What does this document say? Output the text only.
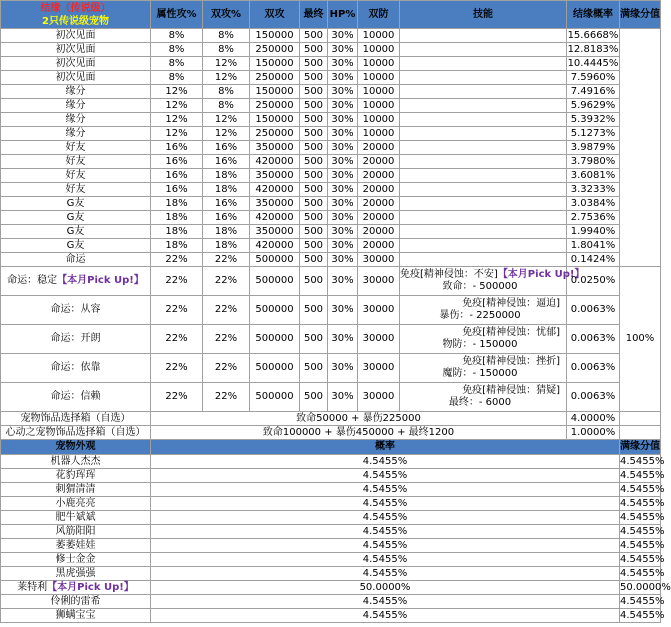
结缘（传说级）
2只传说级宠物	属性攻%	双攻%	双攻	最终	HP%	双防	技能	结缘概率	满缘分值
初次见面	8%	8%	150000	500	30%	10000		15.6668%	
初次见面	8%	8%	250000	500	30%	10000		12.8183%	
初次见面	8%	12%	150000	500	30%	10000		10.4445%	
初次见面	8%	12%	250000	500	30%	10000		7.5960%	
缘分	12%	8%	150000	500	30%	10000		7.4916%	
缘分	12%	8%	250000	500	30%	10000		5.9629%	
缘分	12%	12%	150000	500	30%	10000		5.3932%	
缘分	12%	12%	250000	500	30%	10000		5.1273%	
好友	16%	16%	350000	500	30%	20000		3.9879%	
好友	16%	16%	420000	500	30%	20000		3.7980%	
好友	16%	18%	350000	500	30%	20000		3.6081%	
好友	16%	18%	420000	500	30%	20000		3.3233%	
G友	18%	16%	350000	500	30%	20000		3.0384%	
G友	18%	16%	420000	500	30%	20000		2.7536%	
G友	18%	18%	350000	500	30%	20000		1.9940%	
G友	18%	18%	420000	500	30%	20000		1.8041%	
命运	22%	22%	500000	500	30%	30000		0.1424%	
命运：稳定【本月Pick Up!】	22%	22%	500000	500	30%	30000	免疫[精神侵蚀：不安]【本月Pick Up!】
致命：- 500000	0.0250%	100%
命运：从容	22%	22%	500000	500	30%	30000	免疫[精神侵蚀：逼迫]
暴伤：- 2250000	0.0063%	
命运：开朗	22%	22%	500000	500	30%	30000	免疫[精神侵蚀：忧郁]
物防：- 150000	0.0063%	
命运：依靠	22%	22%	500000	500	30%	30000	免疫[精神侵蚀：挫折]
魔防：- 150000	0.0063%	
命运：信赖	22%	22%	500000	500	30%	30000	免疫[精神侵蚀：猜疑]
最终：- 6000	0.0063%	
宠物饰品选择箱（自选）	致命50000 + 暴伤225000							4.0000%	
心动之宠物饰品选择箱（自选）	致命100000 + 暴伤450000 + 最终1200							1.0000%	
宠物外观	概率								满缘分值
机器人杰杰	4.5455%								4.5455%
花豹珲珲	4.5455%								4.5455%
刺猬清清	4.5455%								4.5455%
小鹿亮亮	4.5455%								4.5455%
肥牛斌斌	4.5455%								4.5455%
风筋阳阳	4.5455%								4.5455%
萎萎娃娃	4.5455%								4.5455%
修士金金	4.5455%								4.5455%
黑虎强强	4.5455%								4.5455%
莱特利【本月Pick Up!】	50.0000%								50.0000%
伶俐的雷希	4.5455%								4.5455%
狮螨宝宝	4.5455%								4.5455%
